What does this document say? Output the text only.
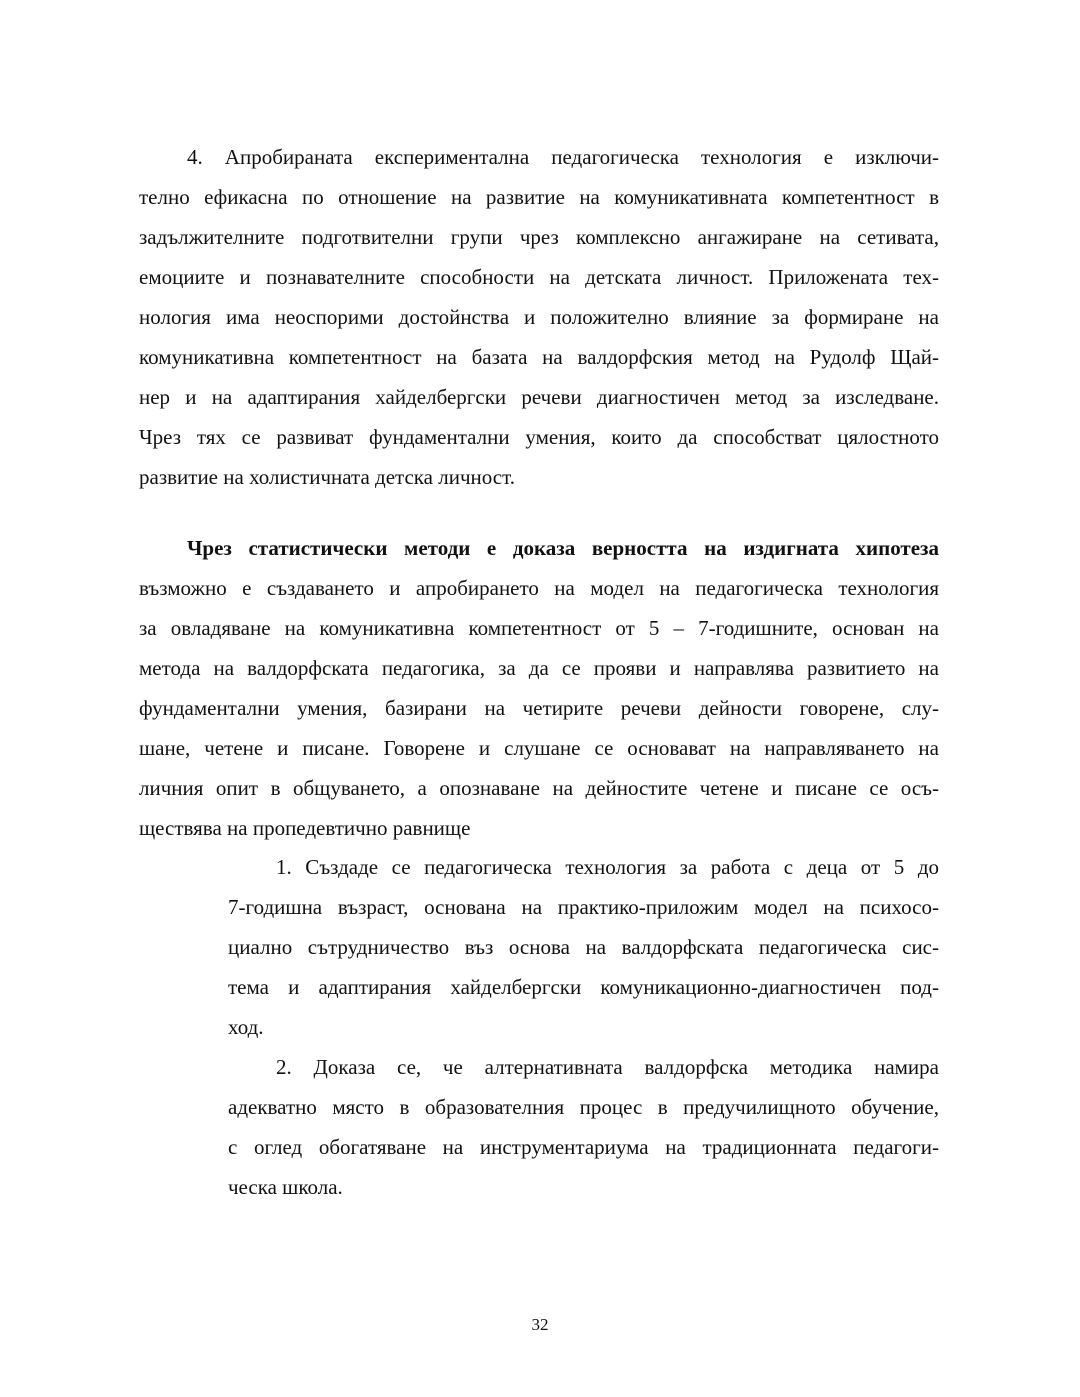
4. Апробираната експериментална педагогическа технология е изключи-
телно ефикасна по отношение на развитие на комуникативната компетентност в
задължителните подготвителни групи чрез комплексно ангажиране на сетивата,
емоциите и познавателните способности на детската личност. Приложената тех-
нология има неоспорими достойнства и положително влияние за формиране на
комуникативна компетентност на базата на валдорфския метод на Рудолф Щай-
нер и на адаптирания хайделбергски речеви диагностичен метод за изследване.
Чрез тях се развиват фундаментални умения, които да способстват цялостното
развитие на холистичната детска личност.
Чрез статистически методи е доказа верността на издигната хипотеза
възможно е създаването и апробирането на модел на педагогическа технология
за овладяване на комуникативна компетентност от 5 – 7-годишните, основан на
метода на валдорфската педагогика, за да се прояви и направлява развитието на
фундаментални умения, базирани на четирите речеви дейности говорене, слу-
шане, четене и писане. Говорене и слушане се основават на направляването на
личния опит в общуването, а опознаване на дейностите четене и писане се осъ-
ществява на пропедевтично равнище
1. Създаде се педагогическа технология за работа с деца от 5 до
7-годишна възраст, основана на практико-приложим модел на психосо-
циално сътрудничество въз основа на валдорфската педагогическа сис-
тема и адаптирания хайделбергски комуникационно-диагностичен под-
ход.
2. Доказа се, че алтернативната валдорфска методика намира
адекватно място в образователния процес в предучилищното обучение,
с оглед обогатяване на инструментариума на традиционната педагоги-
ческа школа.
32
